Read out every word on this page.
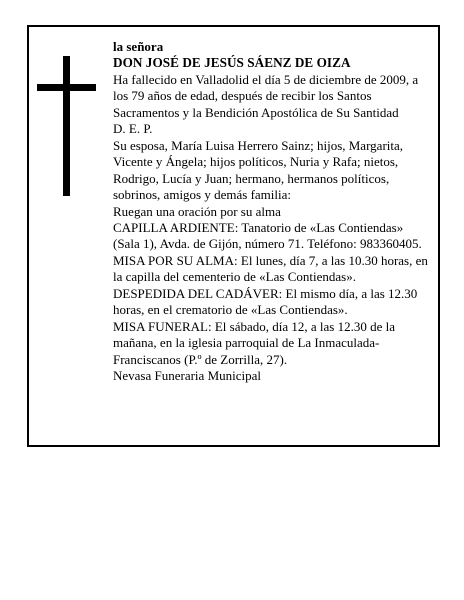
la señora

DON JOSÉ DE JESÚS SÁENZ DE OIZA

Ha fallecido en Valladolid el día 5 de diciembre de 2009, a los 79 años de edad, después de recibir los Santos Sacramentos y la Bendición Apostólica de Su Santidad

D. E. P.

Su esposa, María Luisa Herrero Sainz; hijos, Margarita, Vicente y Ángela; hijos políticos, Nuria y Rafa; nietos, Rodrigo, Lucía y Juan; hermano, hermanos políticos, sobrinos, amigos y demás familia:

Ruegan una oración por su alma

CAPILLA ARDIENTE: Tanatorio de «Las Contiendas» (Sala 1), Avda. de Gijón, número 71. Teléfono: 983360405.

MISA POR SU ALMA: El lunes, día 7, a las 10.30 horas, en la capilla del cementerio de «Las Contiendas».

DESPEDIDA DEL CADÁVER: El mismo día, a las 12.30 horas, en el crematorio de «Las Contiendas».

MISA FUNERAL: El sábado, día 12, a las 12.30 de la mañana, en la iglesia parroquial de La Inmaculada-Franciscanos (P.º de Zorrilla, 27).

Nevasa Funeraria Municipal
